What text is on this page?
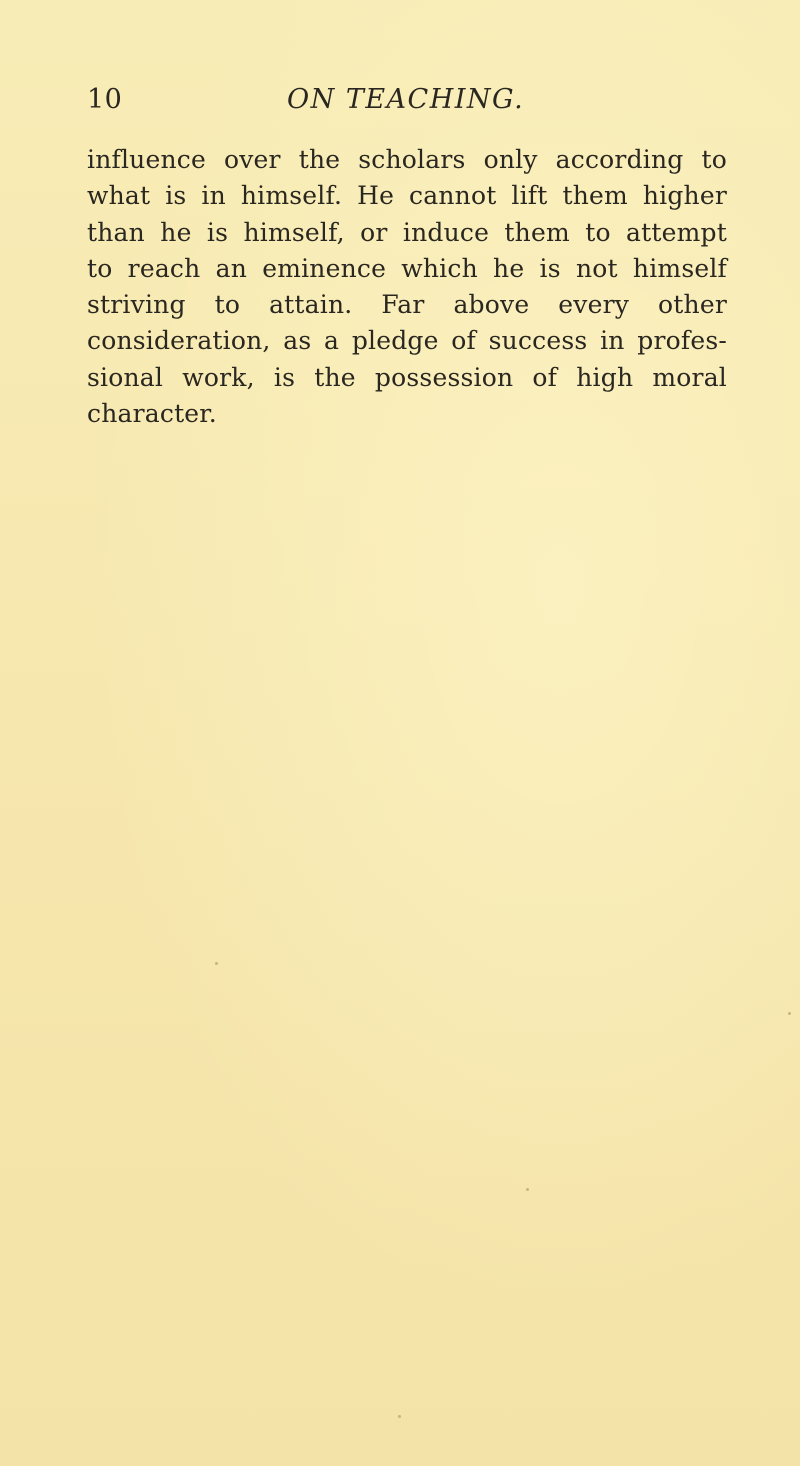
10	ON TEACHING.

influence over the scholars only according to
what is in himself. He cannot lift them higher
than he is himself, or induce them to attempt
to reach an eminence which he is not himself
striving to attain. Far above every other
consideration, as a pledge of success in profes-
sional work, is the possession of high moral
character.
